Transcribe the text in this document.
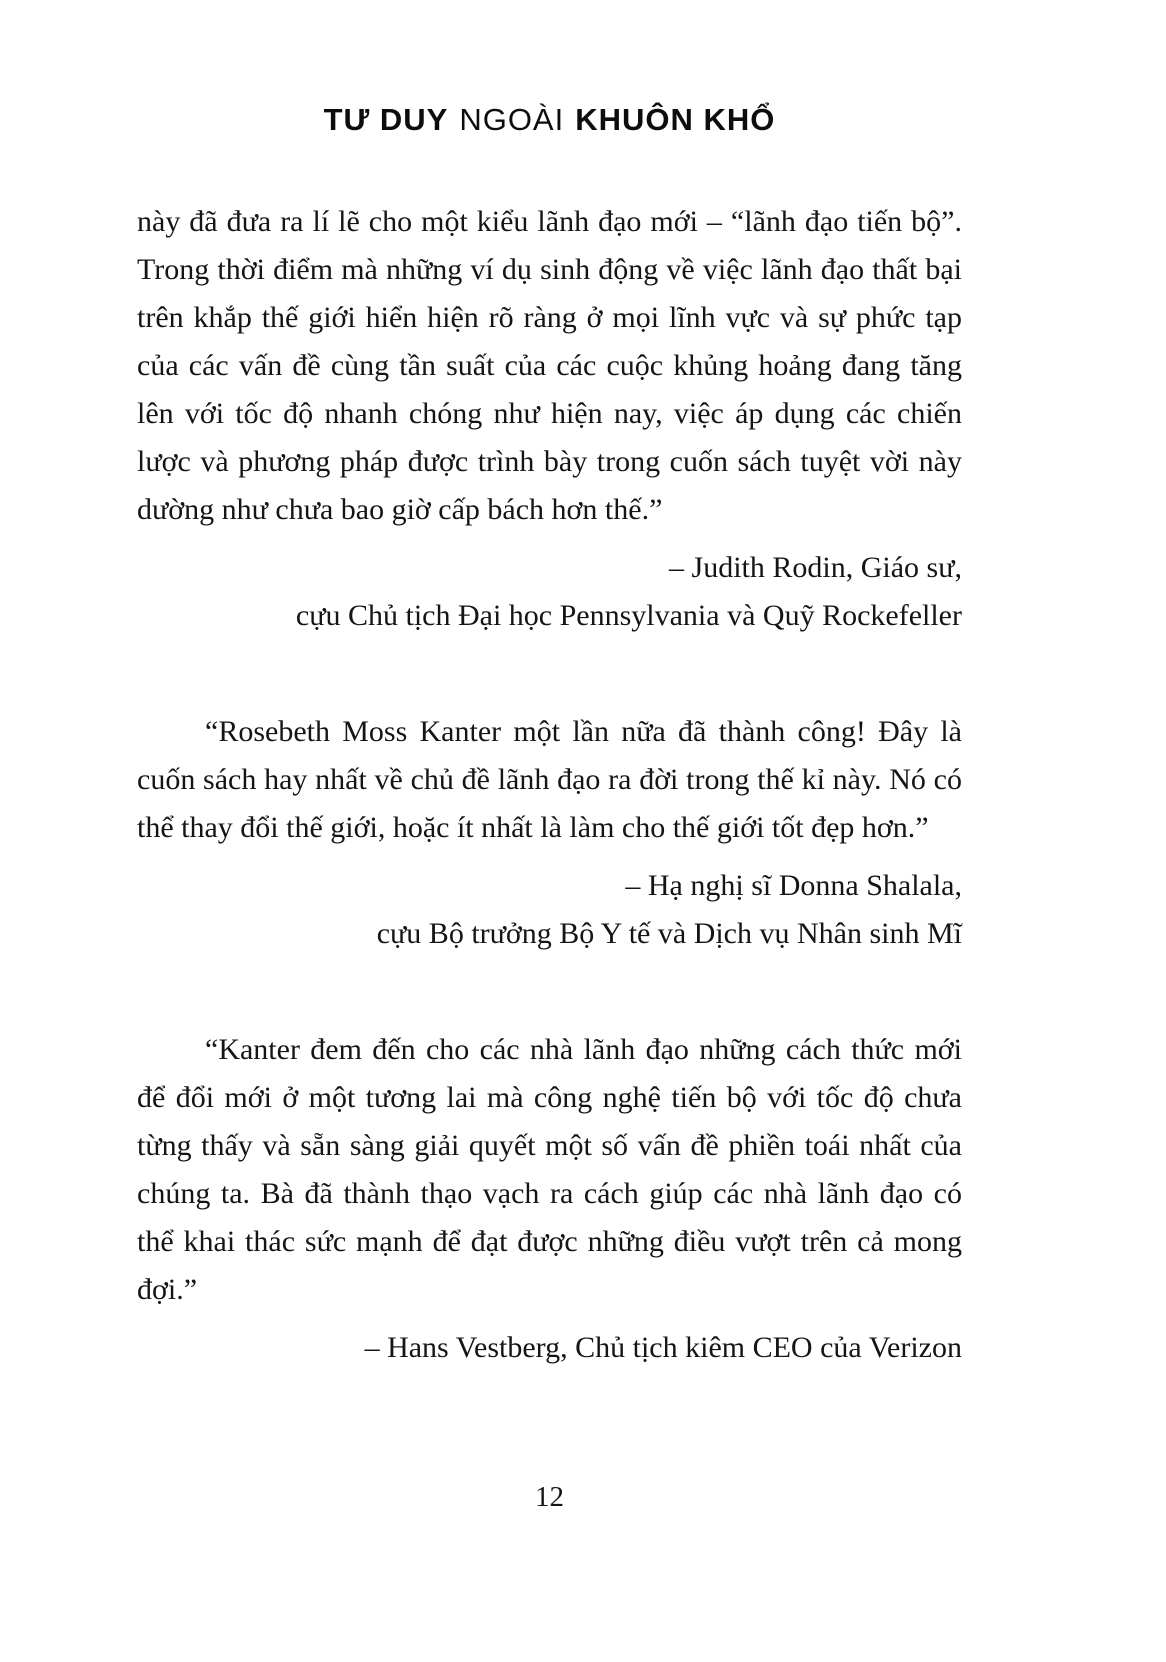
TƯ DUY NGOÀI KHUÔN KHỔ

này đã đưa ra lí lẽ cho một kiểu lãnh đạo mới – “lãnh đạo tiến bộ”. Trong thời điểm mà những ví dụ sinh động về việc lãnh đạo thất bại trên khắp thế giới hiển hiện rõ ràng ở mọi lĩnh vực và sự phức tạp của các vấn đề cùng tần suất của các cuộc khủng hoảng đang tăng lên với tốc độ nhanh chóng như hiện nay, việc áp dụng các chiến lược và phương pháp được trình bày trong cuốn sách tuyệt vời này dường như chưa bao giờ cấp bách hơn thế.”

– Judith Rodin, Giáo sư,
cựu Chủ tịch Đại học Pennsylvania và Quỹ Rockefeller

“Rosebeth Moss Kanter một lần nữa đã thành công! Đây là cuốn sách hay nhất về chủ đề lãnh đạo ra đời trong thế kỉ này. Nó có thể thay đổi thế giới, hoặc ít nhất là làm cho thế giới tốt đẹp hơn.”

– Hạ nghị sĩ Donna Shalala,
cựu Bộ trưởng Bộ Y tế và Dịch vụ Nhân sinh Mĩ

“Kanter đem đến cho các nhà lãnh đạo những cách thức mới để đổi mới ở một tương lai mà công nghệ tiến bộ với tốc độ chưa từng thấy và sẵn sàng giải quyết một số vấn đề phiền toái nhất của chúng ta. Bà đã thành thạo vạch ra cách giúp các nhà lãnh đạo có thể khai thác sức mạnh để đạt được những điều vượt trên cả mong đợi.”

– Hans Vestberg, Chủ tịch kiêm CEO của Verizon
12
